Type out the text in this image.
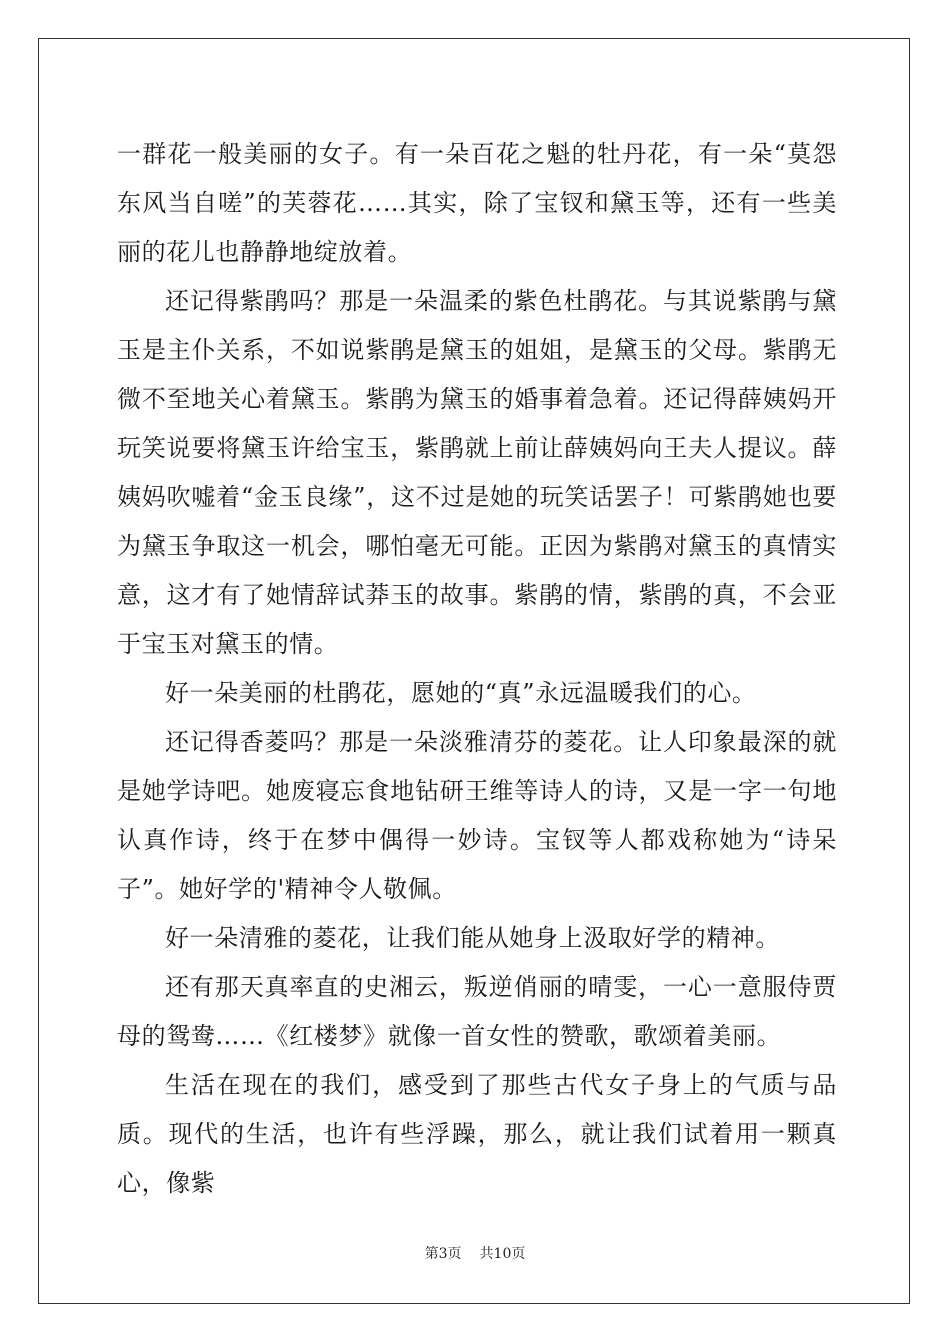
一群花一般美丽的女子。有一朵百花之魁的牡丹花，有一朵“莫怨东风当自嗟”的芙蓉花……其实，除了宝钗和黛玉等，还有一些美丽的花儿也静静地绽放着。

还记得紫鹃吗？那是一朵温柔的紫色杜鹃花。与其说紫鹃与黛玉是主仆关系，不如说紫鹃是黛玉的姐姐，是黛玉的父母。紫鹃无微不至地关心着黛玉。紫鹃为黛玉的婚事着急着。还记得薛姨妈开玩笑说要将黛玉许给宝玉，紫鹃就上前让薛姨妈向王夫人提议。薛姨妈吹嘘着“金玉良缘”，这不过是她的玩笑话罢子！可紫鹃她也要为黛玉争取这一机会，哪怕毫无可能。正因为紫鹃对黛玉的真情实意，这才有了她情辞试莽玉的故事。紫鹃的情，紫鹃的真，不会亚于宝玉对黛玉的情。

好一朵美丽的杜鹃花，愿她的“真”永远温暖我们的心。

还记得香菱吗？那是一朵淡雅清芬的菱花。让人印象最深的就是她学诗吧。她废寝忘食地钻研王维等诗人的诗，又是一字一句地认真作诗，终于在梦中偶得一妙诗。宝钗等人都戏称她为“诗呆子”。她好学的'精神令人敬佩。

好一朵清雅的菱花，让我们能从她身上汲取好学的精神。

还有那天真率直的史湘云，叛逆俏丽的晴雯，一心一意服侍贾母的鸳鸯……《红楼梦》就像一首女性的赞歌，歌颂着美丽。

生活在现在的我们，感受到了那些古代女子身上的气质与品质。现代的生活，也许有些浮躁，那么，就让我们试着用一颗真心，像紫

第3页 共10页
